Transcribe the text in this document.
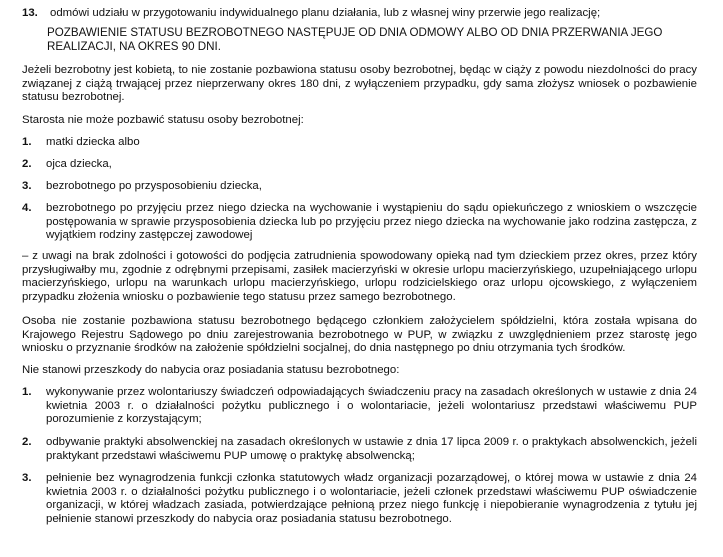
13. odmówi udziału w przygotowaniu indywidualnego planu działania, lub z własnej winy przerwie jego realizację;
POZBAWIENIE STATUSU BEZROBOTNEGO NASTĘPUJE OD DNIA ODMOWY ALBO OD DNIA PRZERWANIA JEGO REALIZACJI, NA OKRES 90 DNI.
Jeżeli bezrobotny jest kobietą, to nie zostanie pozbawiona statusu osoby bezrobotnej, będąc w ciąży z powodu niezdolności do pracy związanej z ciążą trwającej przez nieprzerwany okres 180 dni, z wyłączeniem przypadku, gdy sama złożysz wniosek o pozbawienie statusu bezrobotnej.
Starosta nie może pozbawić statusu osoby bezrobotnej:
1. matki dziecka albo
2. ojca dziecka,
3. bezrobotnego po przysposobieniu dziecka,
4. bezrobotnego po przyjęciu przez niego dziecka na wychowanie i wystąpieniu do sądu opiekuńczego z wnioskiem o wszczęcie postępowania w sprawie przysposobienia dziecka lub po przyjęciu przez niego dziecka na wychowanie jako rodzina zastępcza, z wyjątkiem rodziny zastępczej zawodowej
– z uwagi na brak zdolności i gotowości do podjęcia zatrudnienia spowodowany opieką nad tym dzieckiem przez okres, przez który przysługiwałby mu, zgodnie z odrębnymi przepisami, zasiłek macierzyński w okresie urlopu macierzyńskiego, uzupełniającego urlopu macierzyńskiego, urlopu na warunkach urlopu macierzyńskiego, urlopu rodzicielskiego oraz urlopu ojcowskiego, z wyłączeniem przypadku złożenia wniosku o pozbawienie tego statusu przez samego bezrobotnego.
Osoba nie zostanie pozbawiona statusu bezrobotnego będącego członkiem założycielem spółdzielni, która została wpisana do Krajowego Rejestru Sądowego po dniu zarejestrowania bezrobotnego w PUP, w związku z uwzględnieniem przez starostę jego wniosku o przyznanie środków na założenie spółdzielni socjalnej, do dnia następnego po dniu otrzymania tych środków.
Nie stanowi przeszkody do nabycia oraz posiadania statusu bezrobotnego:
1. wykonywanie przez wolontariuszy świadczeń odpowiadających świadczeniu pracy na zasadach określonych w ustawie z dnia 24 kwietnia 2003 r. o działalności pożytku publicznego i o wolontariacie, jeżeli wolontariusz przedstawi właściwemu PUP porozumienie z korzystającym;
2. odbywanie praktyki absolwenckiej na zasadach określonych w ustawie z dnia 17 lipca 2009 r. o praktykach absolwenckich, jeżeli praktykant przedstawi właściwemu PUP umowę o praktykę absolwencką;
3. pełnienie bez wynagrodzenia funkcji członka statutowych władz organizacji pozarządowej, o której mowa w ustawie z dnia 24 kwietnia 2003 r. o działalności pożytku publicznego i o wolontariacie, jeżeli członek przedstawi właściwemu PUP oświadczenie organizacji, w której władzach zasiada, potwierdzające pełnioną przez niego funkcję i niepobieranie wynagrodzenia z tytułu jej pełnienie stanowi przeszkody do nabycia oraz posiadania statusu bezrobotnego.
